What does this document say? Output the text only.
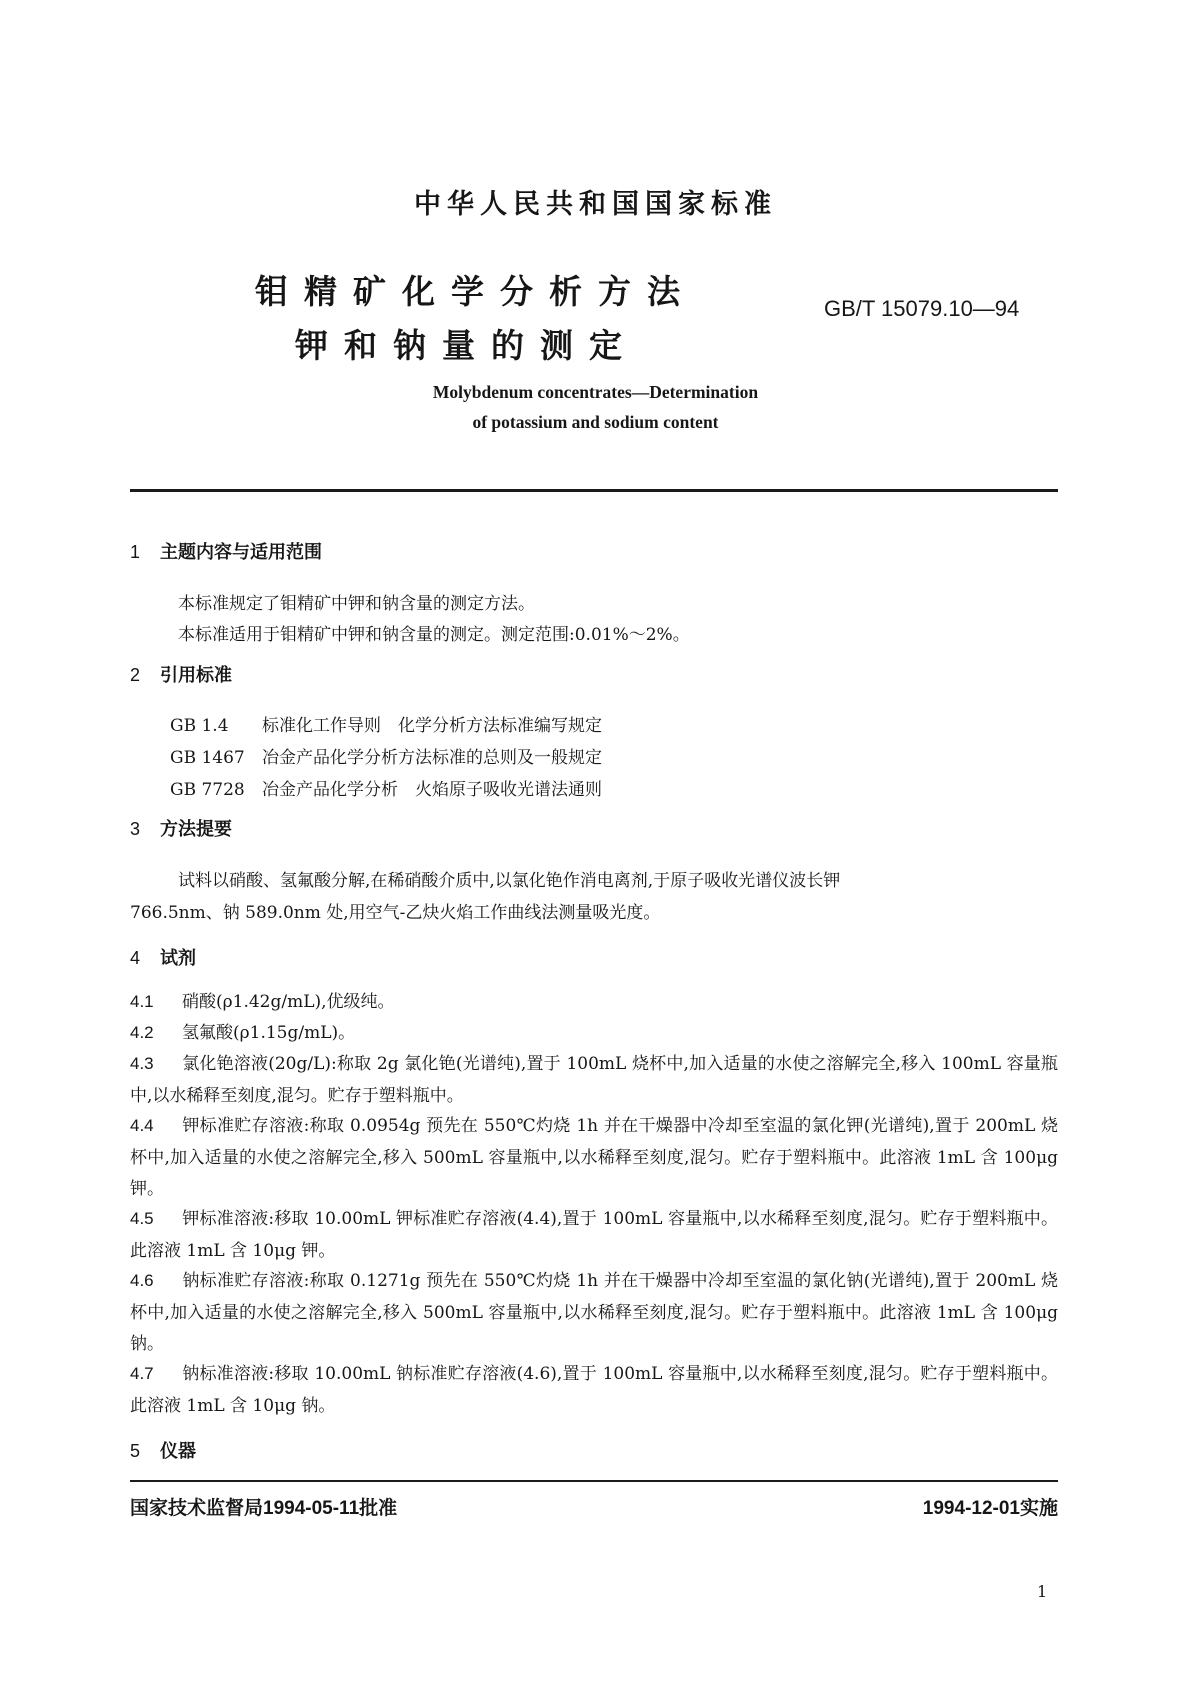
中华人民共和国国家标准
钼精矿化学分析方法
钾和钠量的测定
GB/T 15079.10—94
Molybdenum concentrates—Determination
of potassium and sodium content
1 主题内容与适用范围
本标准规定了钼精矿中钾和钠含量的测定方法。
本标准适用于钼精矿中钾和钠含量的测定。测定范围:0.01%～2%。
2 引用标准
GB 1.4 标准化工作导则　化学分析方法标准编写规定
GB 1467 冶金产品化学分析方法标准的总则及一般规定
GB 7728 冶金产品化学分析　火焰原子吸收光谱法通则
3 方法提要
试料以硝酸、氢氟酸分解,在稀硝酸介质中,以氯化铯作消电离剂,于原子吸收光谱仪波长钾
766.5nm、钠 589.0nm 处,用空气-乙炔火焰工作曲线法测量吸光度。
4 试剂
4.1 硝酸(ρ1.42g/mL),优级纯。
4.2 氢氟酸(ρ1.15g/mL)。
4.3 氯化铯溶液(20g/L):称取 2g 氯化铯(光谱纯),置于 100mL 烧杯中,加入适量的水使之溶解完全,移入 100mL 容量瓶中,以水稀释至刻度,混匀。贮存于塑料瓶中。
4.4 钾标准贮存溶液:称取 0.0954g 预先在 550℃灼烧 1h 并在干燥器中冷却至室温的氯化钾(光谱纯),置于 200mL 烧杯中,加入适量的水使之溶解完全,移入 500mL 容量瓶中,以水稀释至刻度,混匀。贮存于塑料瓶中。此溶液 1mL 含 100μg 钾。
4.5 钾标准溶液:移取 10.00mL 钾标准贮存溶液(4.4),置于 100mL 容量瓶中,以水稀释至刻度,混匀。贮存于塑料瓶中。此溶液 1mL 含 10μg 钾。
4.6 钠标准贮存溶液:称取 0.1271g 预先在 550℃灼烧 1h 并在干燥器中冷却至室温的氯化钠(光谱纯),置于 200mL 烧杯中,加入适量的水使之溶解完全,移入 500mL 容量瓶中,以水稀释至刻度,混匀。贮存于塑料瓶中。此溶液 1mL 含 100μg 钠。
4.7 钠标准溶液:移取 10.00mL 钠标准贮存溶液(4.6),置于 100mL 容量瓶中,以水稀释至刻度,混匀。贮存于塑料瓶中。此溶液 1mL 含 10μg 钠。
5 仪器
国家技术监督局1994-05-11批准	1994-12-01实施
1
